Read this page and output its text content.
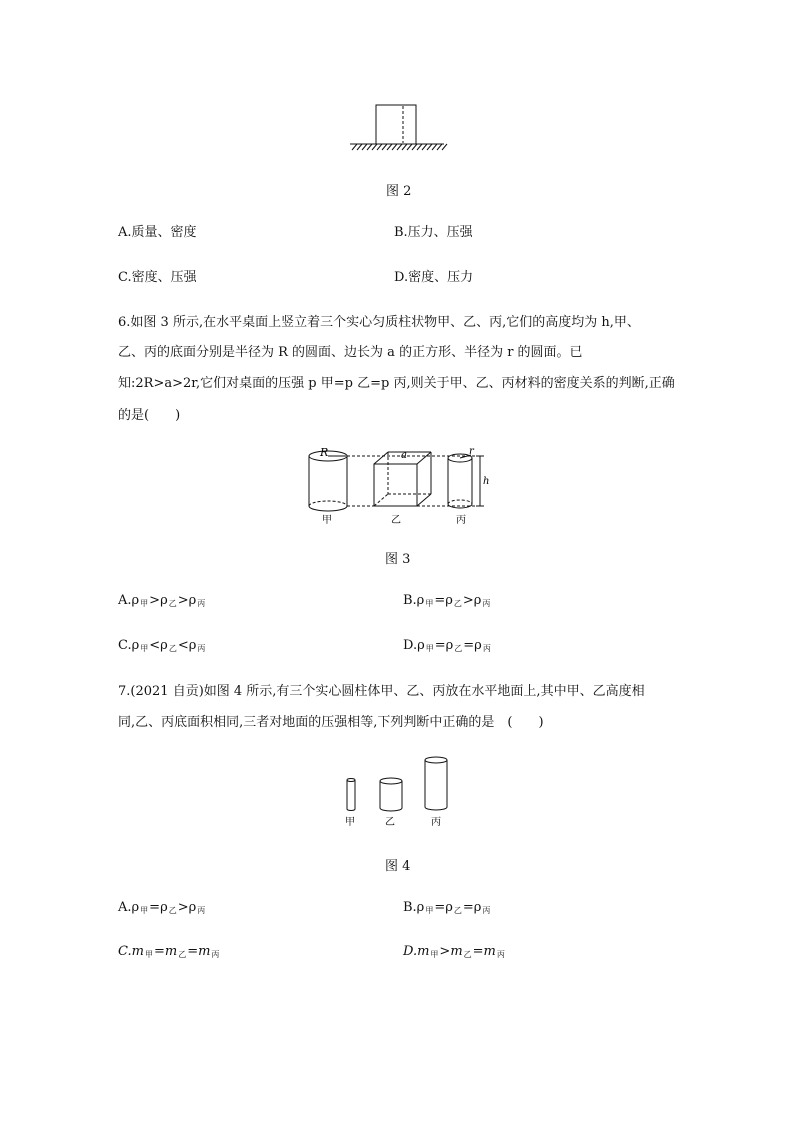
图 2
A.质量、密度	B.压力、压强
C.密度、压强	D.密度、压力
6.如图 3 所示,在水平桌面上竖立着三个实心匀质柱状物甲、乙、丙,它们的高度均为 h,甲、
乙、丙的底面分别是半径为 R 的圆面、边长为 a 的正方形、半径为 r 的圆面。已
知:2R>a>2r,它们对桌面的压强 p 甲=p 乙=p 丙,则关于甲、乙、丙材料的密度关系的判断,正确
的是(　　)
R	a	r
h
甲	乙	丙
图 3
$A.\rho_甲>\rho_乙>\rho_丙$	$B.\rho_甲=\rho_乙>\rho_丙$
$C.\rho_甲<\rho_乙<\rho_丙$	$D.\rho_甲=\rho_乙=\rho_丙$
7.(2021 自贡)如图 4 所示,有三个实心圆柱体甲、乙、丙放在水平地面上,其中甲、乙高度相
同,乙、丙底面积相同,三者对地面的压强相等,下列判断中正确的是　(　　)
甲	乙	丙
图 4
$A.\rho_甲=\rho_乙>\rho_丙$	$B.\rho_甲=\rho_乙=\rho_丙$
$C.m_甲=m_乙=m_丙$	$D.m_甲>m_乙=m_丙$
